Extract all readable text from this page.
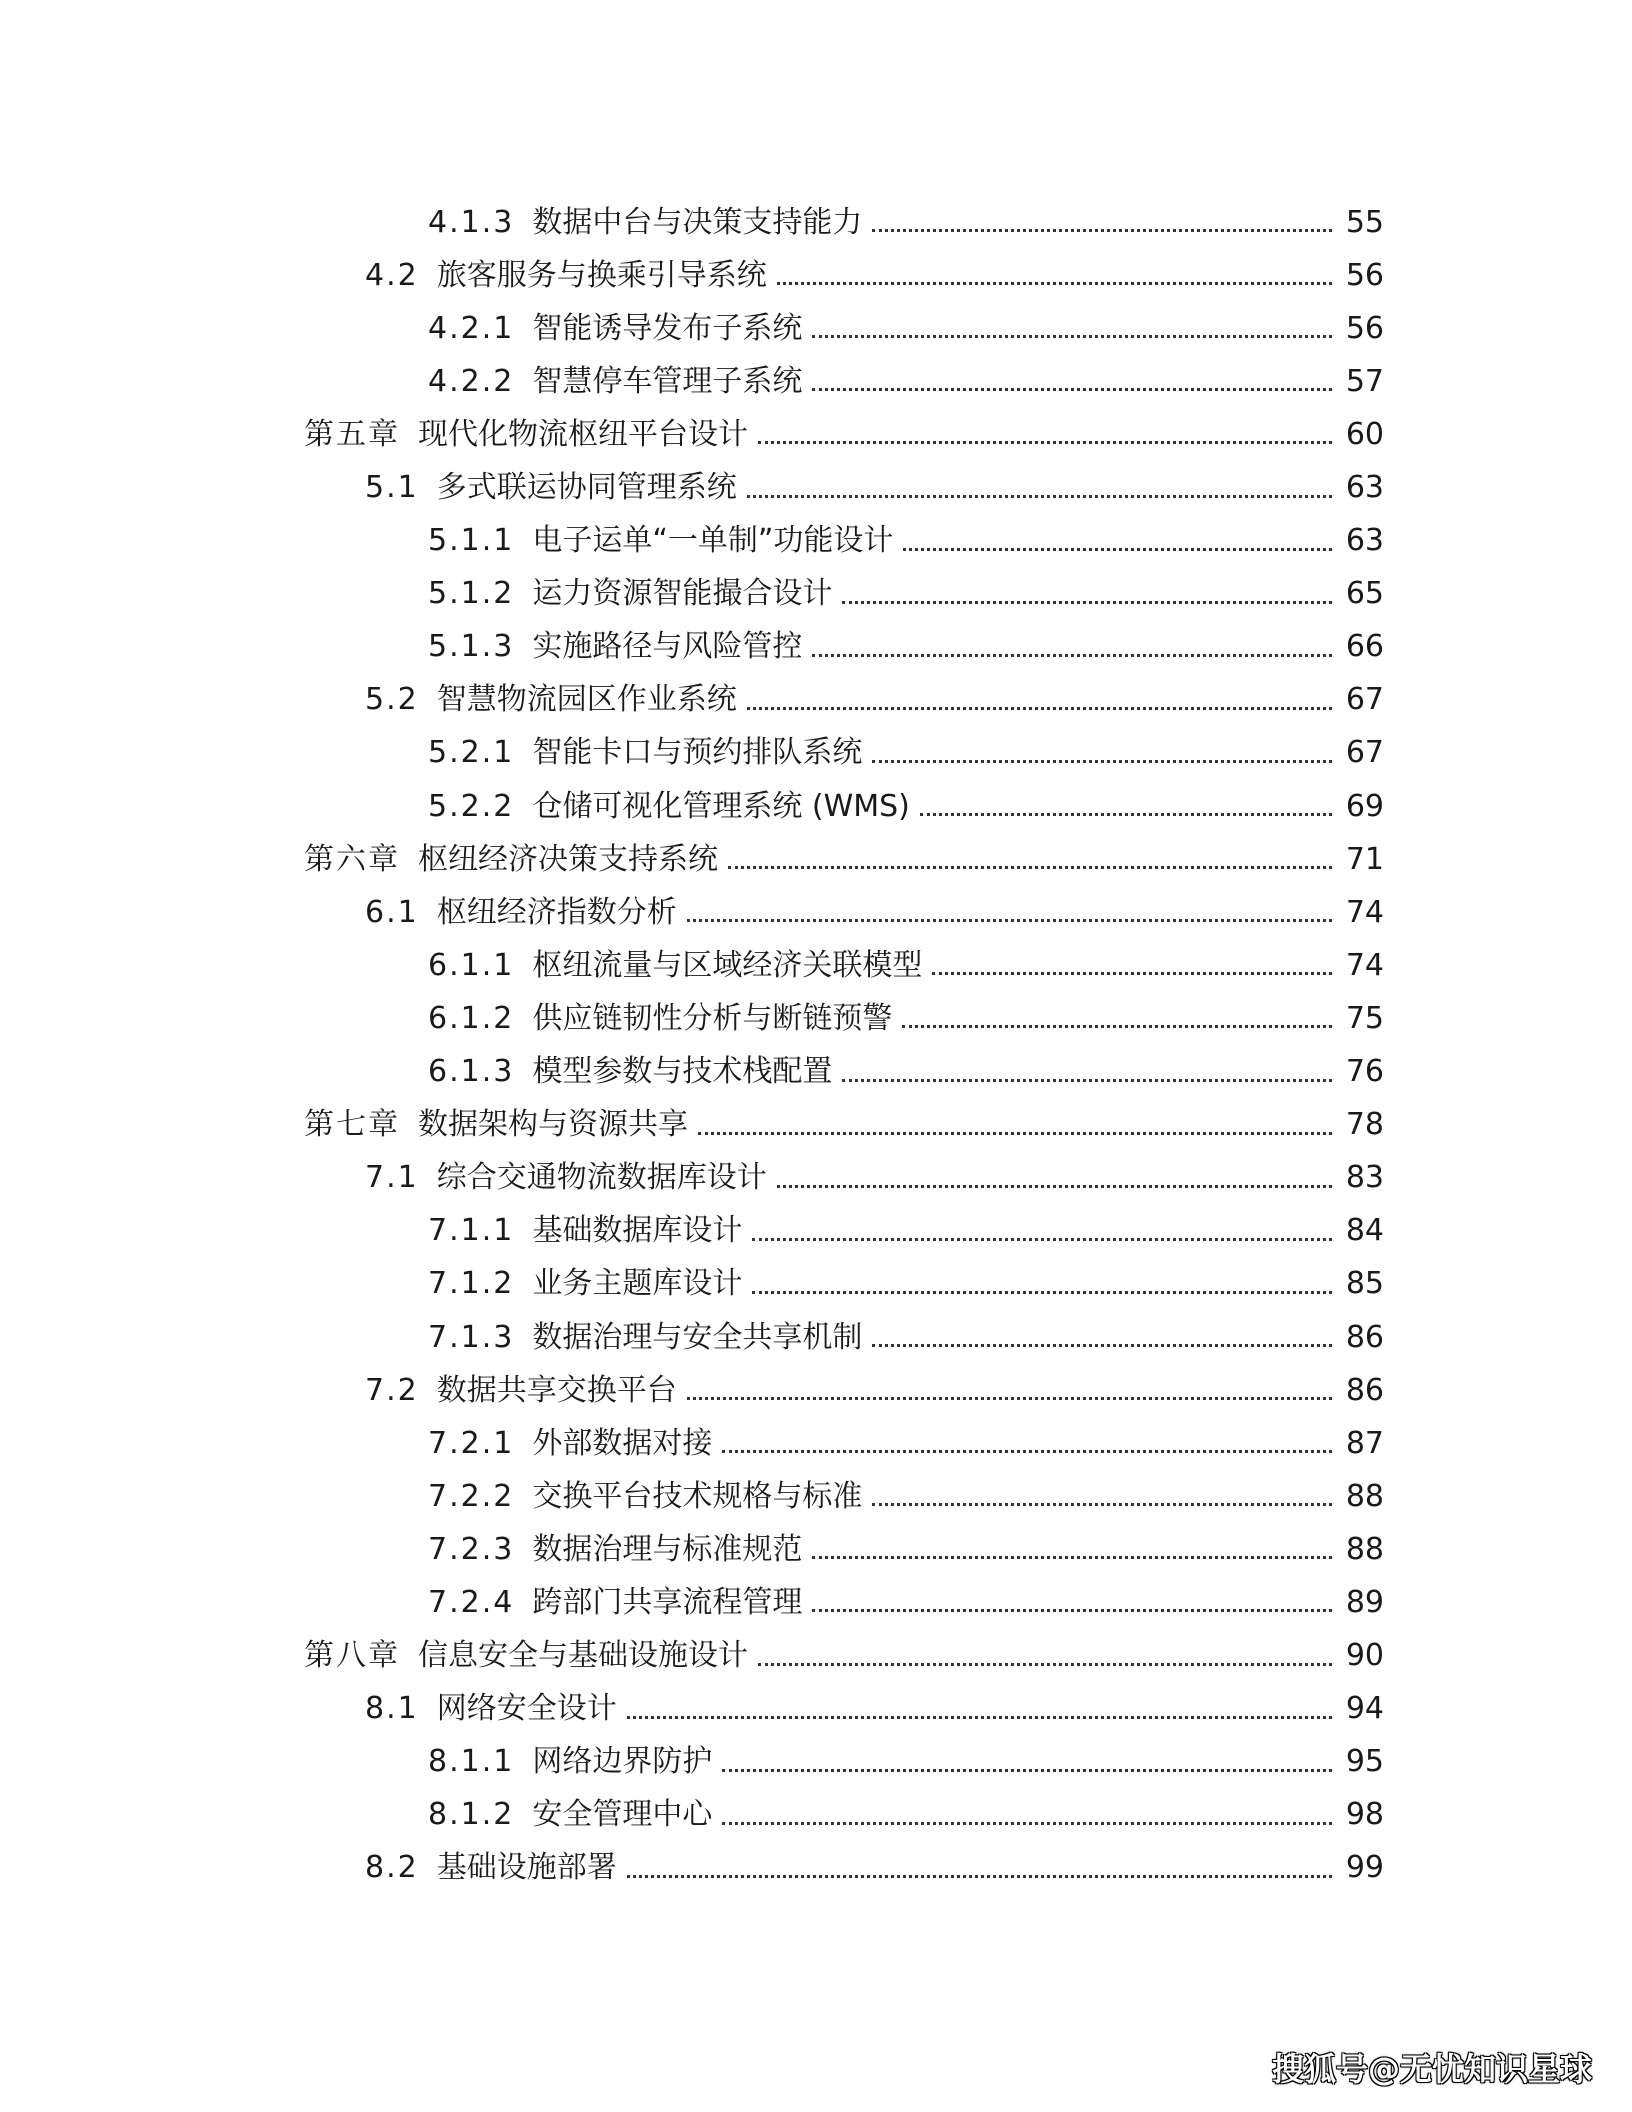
4.1.3 数据中台与决策支持能力	55
4.2 旅客服务与换乘引导系统	56
4.2.1 智能诱导发布子系统	56
4.2.2 智慧停车管理子系统	57
第五章 现代化物流枢纽平台设计	60
5.1 多式联运协同管理系统	63
5.1.1 电子运单“一单制”功能设计	63
5.1.2 运力资源智能撮合设计	65
5.1.3 实施路径与风险管控	66
5.2 智慧物流园区作业系统	67
5.2.1 智能卡口与预约排队系统	67
5.2.2 仓储可视化管理系统 (WMS)	69
第六章 枢纽经济决策支持系统	71
6.1 枢纽经济指数分析	74
6.1.1 枢纽流量与区域经济关联模型	74
6.1.2 供应链韧性分析与断链预警	75
6.1.3 模型参数与技术栈配置	76
第七章 数据架构与资源共享	78
7.1 综合交通物流数据库设计	83
7.1.1 基础数据库设计	84
7.1.2 业务主题库设计	85
7.1.3 数据治理与安全共享机制	86
7.2 数据共享交换平台	86
7.2.1 外部数据对接	87
7.2.2 交换平台技术规格与标准	88
7.2.3 数据治理与标准规范	88
7.2.4 跨部门共享流程管理	89
第八章 信息安全与基础设施设计	90
8.1 网络安全设计	94
8.1.1 网络边界防护	95
8.1.2 安全管理中心	98
8.2 基础设施部署	99
搜狐号@无忧知识星球
